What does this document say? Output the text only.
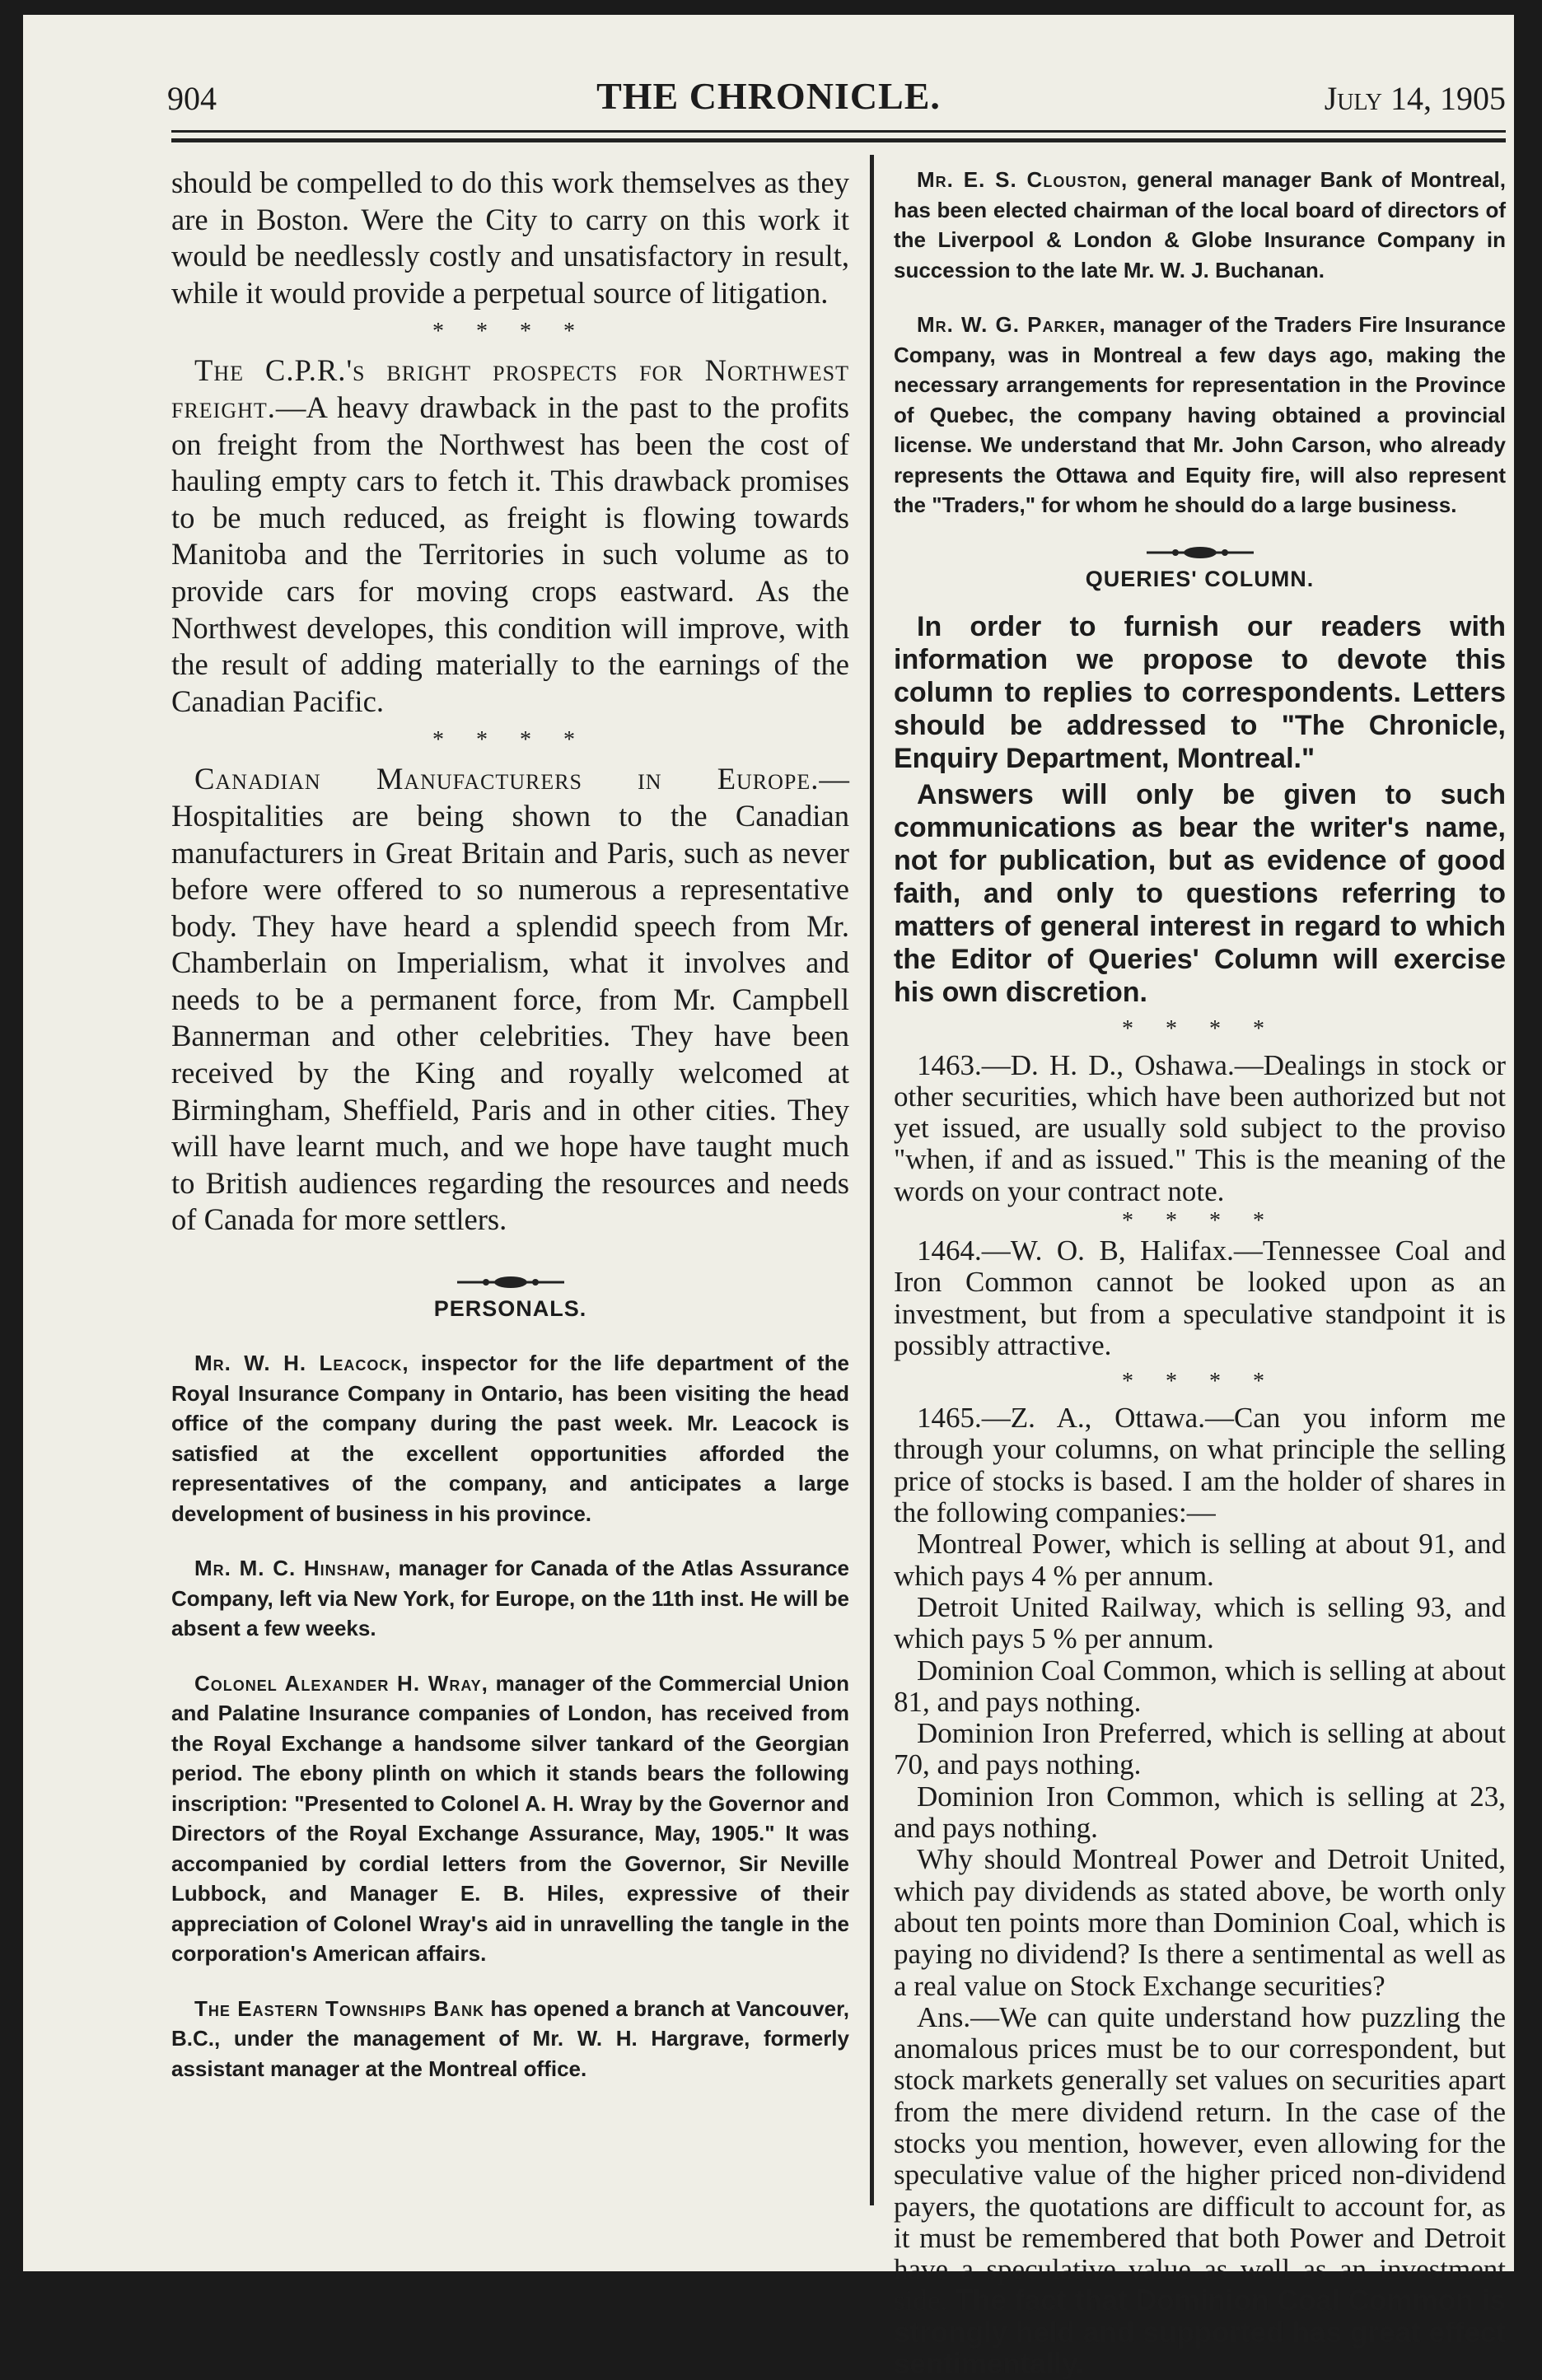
904	THE CHRONICLE.	July 14, 1905

should be compelled to do this work themselves as they are in Boston. Were the City to carry on this work it would be needlessly costly and unsatisfactory in result, while it would provide a perpetual source of litigation.

* * * *

The C.P.R.'s bright prospects for Northwest freight.—A heavy drawback in the past to the profits on freight from the Northwest has been the cost of hauling empty cars to fetch it. This drawback promises to be much reduced, as freight is flowing towards Manitoba and the Territories in such volume as to provide cars for moving crops eastward. As the Northwest developes, this condition will improve, with the result of adding materially to the earnings of the Canadian Pacific.

* * * *

Canadian Manufacturers in Europe.—Hospitalities are being shown to the Canadian manufacturers in Great Britain and Paris, such as never before were offered to so numerous a representative body. They have heard a splendid speech from Mr. Chamberlain on Imperialism, what it involves and needs to be a permanent force, from Mr. Campbell Bannerman and other celebrities. They have been received by the King and royally welcomed at Birmingham, Sheffield, Paris and in other cities. They will have learnt much, and we hope have taught much to British audiences regarding the resources and needs of Canada for more settlers.

PERSONALS.

Mr. W. H. Leacock, inspector for the life department of the Royal Insurance Company in Ontario, has been visiting the head office of the company during the past week. Mr. Leacock is satisfied at the excellent opportunities afforded the representatives of the company, and anticipates a large development of business in his province.

Mr. M. C. Hinshaw, manager for Canada of the Atlas Assurance Company, left via New York, for Europe, on the 11th inst. He will be absent a few weeks.

Colonel Alexander H. Wray, manager of the Commercial Union and Palatine Insurance companies of London, has received from the Royal Exchange a handsome silver tankard of the Georgian period. The ebony plinth on which it stands bears the following inscription: "Presented to Colonel A. H. Wray by the Governor and Directors of the Royal Exchange Assurance, May, 1905." It was accompanied by cordial letters from the Governor, Sir Neville Lubbock, and Manager E. B. Hiles, expressive of their appreciation of Colonel Wray's aid in unravelling the tangle in the corporation's American affairs.

The Eastern Townships Bank has opened a branch at Vancouver, B.C., under the management of Mr. W. H. Hargrave, formerly assistant manager at the Montreal office.

Mr. E. S. Clouston, general manager Bank of Montreal, has been elected chairman of the local board of directors of the Liverpool & London & Globe Insurance Company in succession to the late Mr. W. J. Buchanan.

Mr. W. G. Parker, manager of the Traders Fire Insurance Company, was in Montreal a few days ago, making the necessary arrangements for representation in the Province of Quebec, the company having obtained a provincial license. We understand that Mr. John Carson, who already represents the Ottawa and Equity fire, will also represent the "Traders," for whom he should do a large business.

QUERIES' COLUMN.

In order to furnish our readers with information we propose to devote this column to replies to correspondents. Letters should be addressed to "The Chronicle, Enquiry Department, Montreal."

Answers will only be given to such communications as bear the writer's name, not for publication, but as evidence of good faith, and only to questions referring to matters of general interest in regard to which the Editor of Queries' Column will exercise his own discretion.

* * * *

1463.—D. H. D., Oshawa.—Dealings in stock or other securities, which have been authorized but not yet issued, are usually sold subject to the proviso "when, if and as issued." This is the meaning of the words on your contract note.

* * * *

1464.—W. O. B, Halifax.—Tennessee Coal and Iron Common cannot be looked upon as an investment, but from a speculative standpoint it is possibly attractive.

* * * *

1465.—Z. A., Ottawa.—Can you inform me through your columns, on what principle the selling price of stocks is based. I am the holder of shares in the following companies:—

Montreal Power, which is selling at about 91, and which pays 4 % per annum.

Detroit United Railway, which is selling 93, and which pays 5 % per annum.

Dominion Coal Common, which is selling at about 81, and pays nothing.

Dominion Iron Preferred, which is selling at about 70, and pays nothing.

Dominion Iron Common, which is selling at 23, and pays nothing.

Why should Montreal Power and Detroit United, which pay dividends as stated above, be worth only about ten points more than Dominion Coal, which is paying no dividend? Is there a sentimental as well as a real value on Stock Exchange securities?

Ans.—We can quite understand how puzzling the anomalous prices must be to our correspondent, but stock markets generally set values on securities apart from the mere dividend return. In the case of the stocks you mention, however, even allowing for the speculative value of the higher priced non-dividend payers, the quotations are difficult to account for, as it must be remembered that both Power and Detroit have a speculative value as well as an investment side. The fact that Dominion Coal Common is strongly held and supported has great effect sentimentally.
